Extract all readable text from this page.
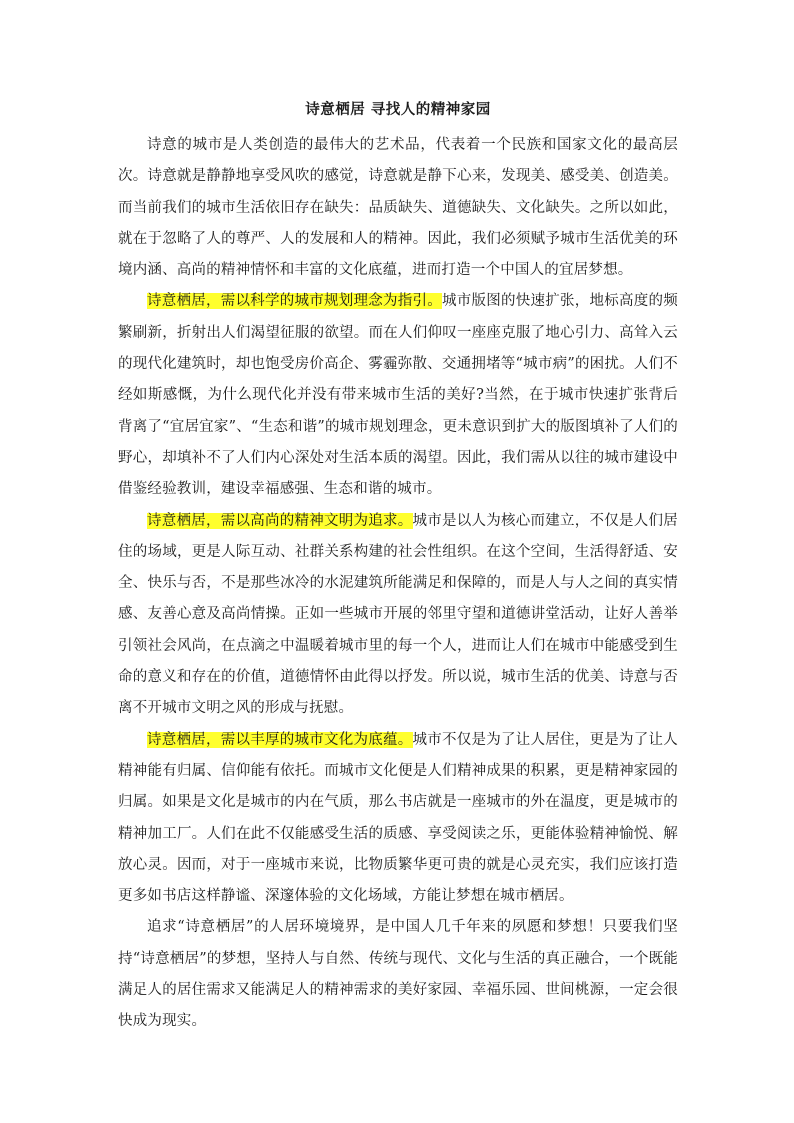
诗意栖居 寻找人的精神家园

诗意的城市是人类创造的最伟大的艺术品，代表着一个民族和国家文化的最高层次。诗意就是静静地享受风吹的感觉，诗意就是静下心来，发现美、感受美、创造美。而当前我们的城市生活依旧存在缺失：品质缺失、道德缺失、文化缺失。之所以如此，就在于忽略了人的尊严、人的发展和人的精神。因此，我们必须赋予城市生活优美的环境内涵、高尚的精神情怀和丰富的文化底蕴，进而打造一个中国人的宜居梦想。

诗意栖居，需以科学的城市规划理念为指引。城市版图的快速扩张，地标高度的频繁刷新，折射出人们渴望征服的欲望。而在人们仰叹一座座克服了地心引力、高耸入云的现代化建筑时，却也饱受房价高企、雾霾弥散、交通拥堵等“城市病”的困扰。人们不经如斯感慨，为什么现代化并没有带来城市生活的美好?当然，在于城市快速扩张背后背离了“宜居宜家”、“生态和谐”的城市规划理念，更未意识到扩大的版图填补了人们的野心，却填补不了人们内心深处对生活本质的渴望。因此，我们需从以往的城市建设中借鉴经验教训，建设幸福感强、生态和谐的城市。

诗意栖居，需以高尚的精神文明为追求。城市是以人为核心而建立，不仅是人们居住的场域，更是人际互动、社群关系构建的社会性组织。在这个空间，生活得舒适、安全、快乐与否，不是那些冰冷的水泥建筑所能满足和保障的，而是人与人之间的真实情感、友善心意及高尚情操。正如一些城市开展的邻里守望和道德讲堂活动，让好人善举引领社会风尚，在点滴之中温暖着城市里的每一个人，进而让人们在城市中能感受到生命的意义和存在的价值，道德情怀由此得以抒发。所以说，城市生活的优美、诗意与否离不开城市文明之风的形成与抚慰。

诗意栖居，需以丰厚的城市文化为底蕴。城市不仅是为了让人居住，更是为了让人精神能有归属、信仰能有依托。而城市文化便是人们精神成果的积累，更是精神家园的归属。如果是文化是城市的内在气质，那么书店就是一座城市的外在温度，更是城市的精神加工厂。人们在此不仅能感受生活的质感、享受阅读之乐，更能体验精神愉悦、解放心灵。因而，对于一座城市来说，比物质繁华更可贵的就是心灵充实，我们应该打造更多如书店这样静谧、深邃体验的文化场域，方能让梦想在城市栖居。

追求“诗意栖居”的人居环境境界，是中国人几千年来的夙愿和梦想！只要我们坚持“诗意栖居”的梦想，坚持人与自然、传统与现代、文化与生活的真正融合，一个既能满足人的居住需求又能满足人的精神需求的美好家园、幸福乐园、世间桃源，一定会很快成为现实。
